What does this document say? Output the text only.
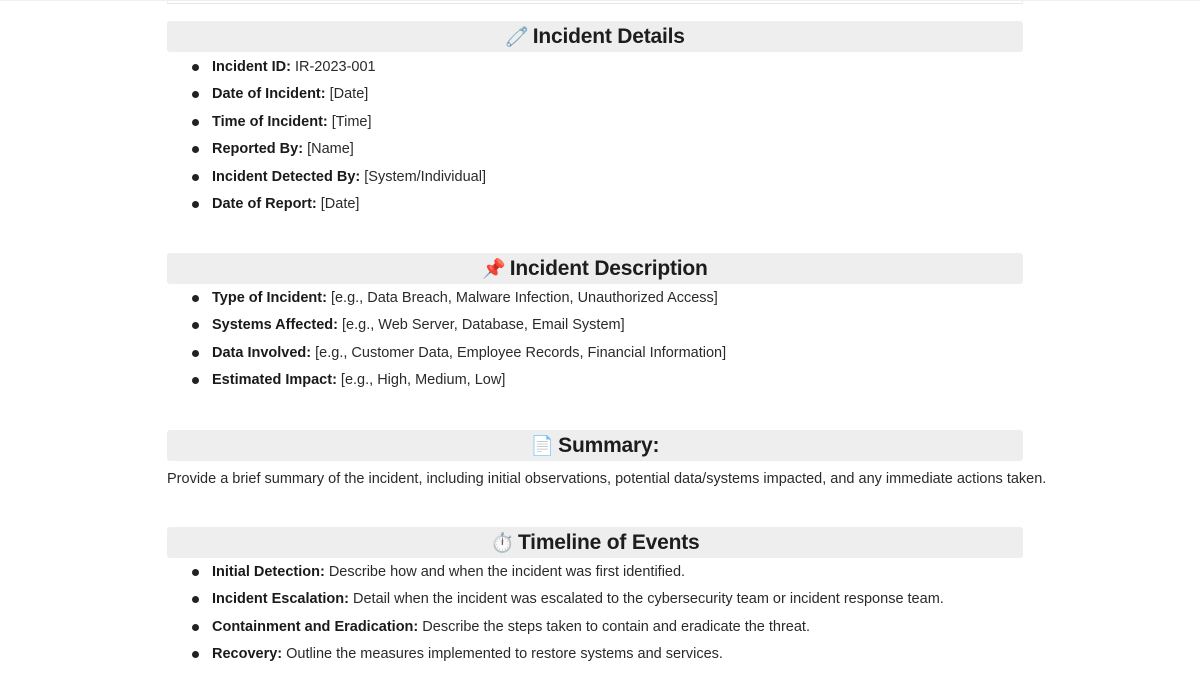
🧷 Incident Details
Incident ID: IR-2023-001
Date of Incident: [Date]
Time of Incident: [Time]
Reported By: [Name]
Incident Detected By: [System/Individual]
Date of Report: [Date]
📌 Incident Description
Type of Incident: [e.g., Data Breach, Malware Infection, Unauthorized Access]
Systems Affected: [e.g., Web Server, Database, Email System]
Data Involved: [e.g., Customer Data, Employee Records, Financial Information]
Estimated Impact: [e.g., High, Medium, Low]
📄 Summary:
Provide a brief summary of the incident, including initial observations, potential data/systems impacted, and any immediate actions taken.
⏱️ Timeline of Events
Initial Detection: Describe how and when the incident was first identified.
Incident Escalation: Detail when the incident was escalated to the cybersecurity team or incident response team.
Containment and Eradication: Describe the steps taken to contain and eradicate the threat.
Recovery: Outline the measures implemented to restore systems and services.
